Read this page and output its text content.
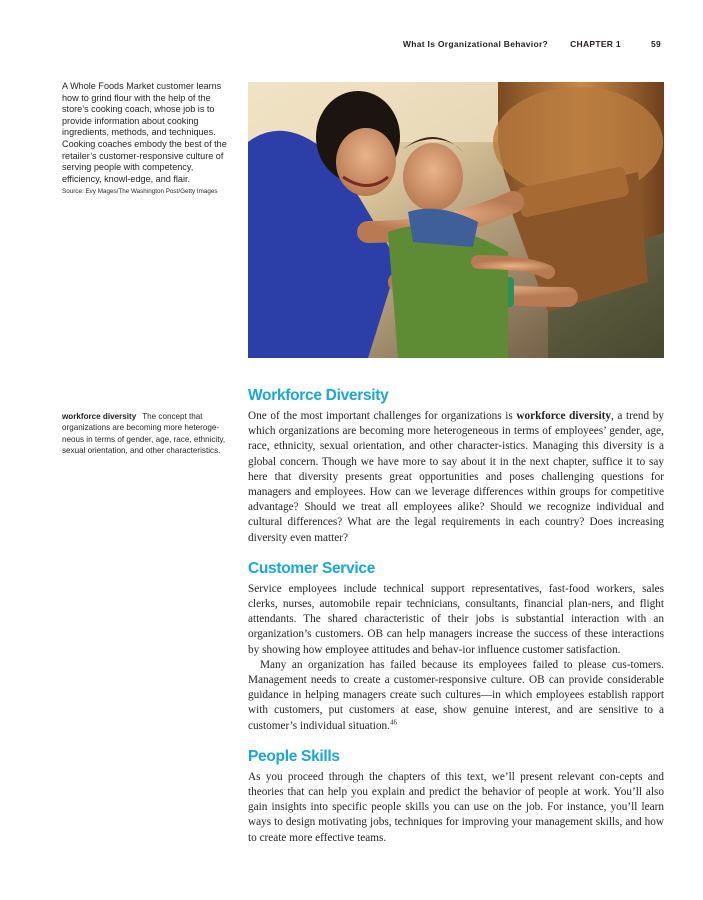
What Is Organizational Behavior?	CHAPTER 1	59
A Whole Foods Market customer learns how to grind flour with the help of the store’s cooking coach, whose job is to provide information about cooking ingredients, methods, and techniques. Cooking coaches embody the best of the retailer’s customer-responsive culture of serving people with competency, efficiency, knowl-edge, and flair.
Source: Evy Mages/The Washington Post/Getty Images
workforce diversity The concept that organizations are becoming more heteroge-neous in terms of gender, age, race, ethnicity, sexual orientation, and other characteristics.
Workforce Diversity

One of the most important challenges for organizations is workforce diversity, a trend by which organizations are becoming more heterogeneous in terms of employees’ gender, age, race, ethnicity, sexual orientation, and other character-istics. Managing this diversity is a global concern. Though we have more to say about it in the next chapter, suffice it to say here that diversity presents great opportunities and poses challenging questions for managers and employees. How can we leverage differences within groups for competitive advantage? Should we treat all employees alike? Should we recognize individual and cultural differences? What are the legal requirements in each country? Does increasing diversity even matter?

Customer Service

Service employees include technical support representatives, fast-food workers, sales clerks, nurses, automobile repair technicians, consultants, financial plan-ners, and flight attendants. The shared characteristic of their jobs is substantial interaction with an organization’s customers. OB can help managers increase the success of these interactions by showing how employee attitudes and behav-ior influence customer satisfaction.

Many an organization has failed because its employees failed to please cus-tomers. Management needs to create a customer-responsive culture. OB can provide considerable guidance in helping managers create such cultures—in which employees establish rapport with customers, put customers at ease, show genuine interest, and are sensitive to a customer’s individual situation.$^{46}$

People Skills

As you proceed through the chapters of this text, we’ll present relevant con-cepts and theories that can help you explain and predict the behavior of people at work. You’ll also gain insights into specific people skills you can use on the job. For instance, you’ll learn ways to design motivating jobs, techniques for improving your management skills, and how to create more effective teams.
